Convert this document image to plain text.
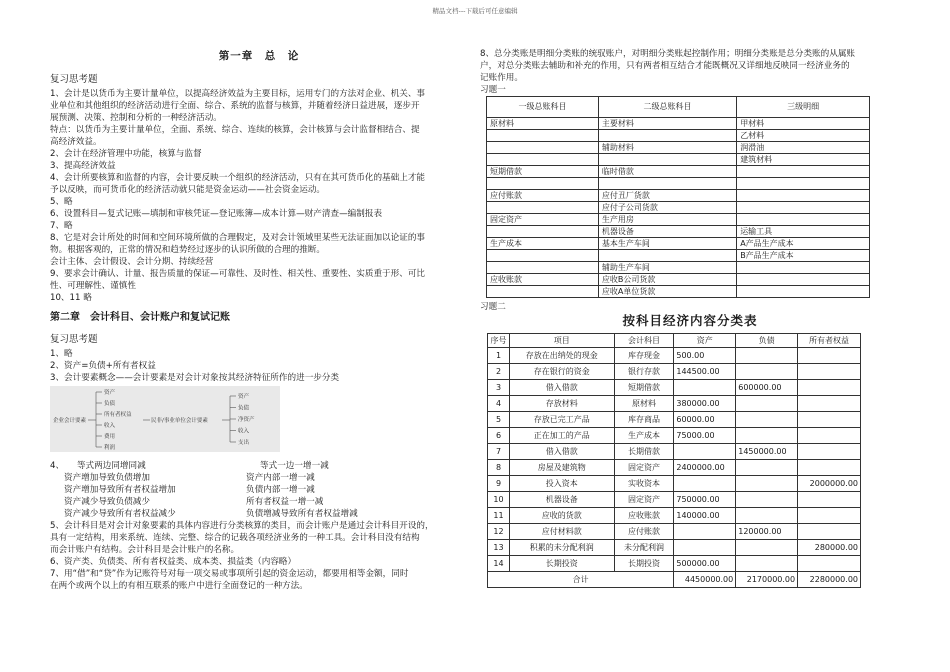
精品文档---下载后可任意编辑
第一章　总　论
复习思考题

1、会计是以货币为主要计量单位，以提高经济效益为主要目标，运用专门的方法对企业、机关、事

业单位和其他组织的经济活动进行全面、综合、系统的监督与核算，并随着经济日益进展，逐步开

展预测、决策、控制和分析的一种经济活动。

特点：以货币为主要计量单位，全面、系统、综合、连续的核算，会计核算与会计监督相结合、提

高经济效益。

2、会计在经济管理中功能，核算与监督

3、提高经济效益

4、会计所要核算和监督的内容，会计要反映一个组织的经济活动，只有在其可货币化的基础上才能

予以反映，而可货币化的经济活动就只能是资金运动——社会资金运动。

5、略

6、设置科目—复式记账—填制和审核凭证—登记账簿—成本计算—财产清查—编制报表

7、略

8、它是对会计所处的时间和空间环境所做的合理假定，及对会计领域里某些无法证面加以论证的事

物。根据客观的，正常的情况和趋势经过逐步的认识所做的合理的推断。

会计主体、会计假设、会计分期、持续经营

9、要求会计确认、计量、报告质量的保证—可靠性、及时性、相关性、重要性、实质重于形、可比

性、可理解性、谨慎性

10、11 略

第二章　会计科目、会计账户和复试记账
复习思考题

1、略

2、资产=负债+所有者权益

3、会计要素概念——会计要素是对会计对象按其经济特征所作的进一步分类

企业会计要素
资产
负债
所有者权益
收入
费用
利润
民非/事业单位会计要素
资产
负债
净资产
收入
支出
4、　　等式两边同增同减	等式一边一增一减
资产增加导致负债增加	资产内部一增一减
资产增加导致所有者权益增加	负债内部一增一减
资产减少导致负债减少	所有者权益一增一减
资产减少导致所有者权益减少	负债增减导致所有者权益增减

5、会计科目是对会计对象要素的具体内容进行分类核算的类目，而会计账户是通过会计科目开设的，

具有一定结构，用来系统、连续、完整、综合的记载各项经济业务的一种工具。会计科目没有结构

而会计账户有结构。会计科目是会计账户的名称。

6、资产类、负债类、所有者权益类、成本类、损益类（内容略）

7、用“借”和“贷”作为记账符号对每一项交易或事项所引起的资金运动，都要用相等金额，同时

在两个或两个以上的有相互联系的账户中进行全面登记的一种方法。

8、总分类账是明细分类账的统驭账户，对明细分类账起控制作用；明细分类账是总分类账的从属账

户，对总分类账去辅助和补充的作用，只有两者相互结合才能既概况又详细地反映同一经济业务的

记账作用。

习题一
一级总账科目	二级总账科目	三级明细
原材料	主要材料	甲材料
		乙材料
	辅助材料	润滑油
		建筑材料
短期借款	临时借款	

应付账款	应付丑厂货款	
	应付子公司货款	
固定资产	生产用房	
	机器设备	运输工具
生产成本	基本生产车间	A产品生产成本
		B产品生产成本
	辅助生产车间	
应收账款	应收B公司货款	
	应收A单位货款	
习题二
按科目经济内容分类表
序号	项目	会计科目	资产	负债	所有者权益
1	存放在出纳处的现金	库存现金	500.00		
2	存在银行的资金	银行存款	144500.00		
3	借入借款	短期借款		600000.00	
4	存放材料	原材料	380000.00		
5	存放已完工产品	库存商品	60000.00		
6	正在加工的产品	生产成本	75000.00		
7	借入借款	长期借款		1450000.00	
8	房屋及建筑物	固定资产	2400000.00		
9	投入资本	实收资本			2000000.00
10	机器设备	固定资产	750000.00		
11	应收的货款	应收账款	140000.00		
12	应付材料款	应付账款		120000.00	
13	积累的未分配利润	未分配利润			280000.00
14	长期投资	长期投资	500000.00		
合计			4450000.00	2170000.00	2280000.00
